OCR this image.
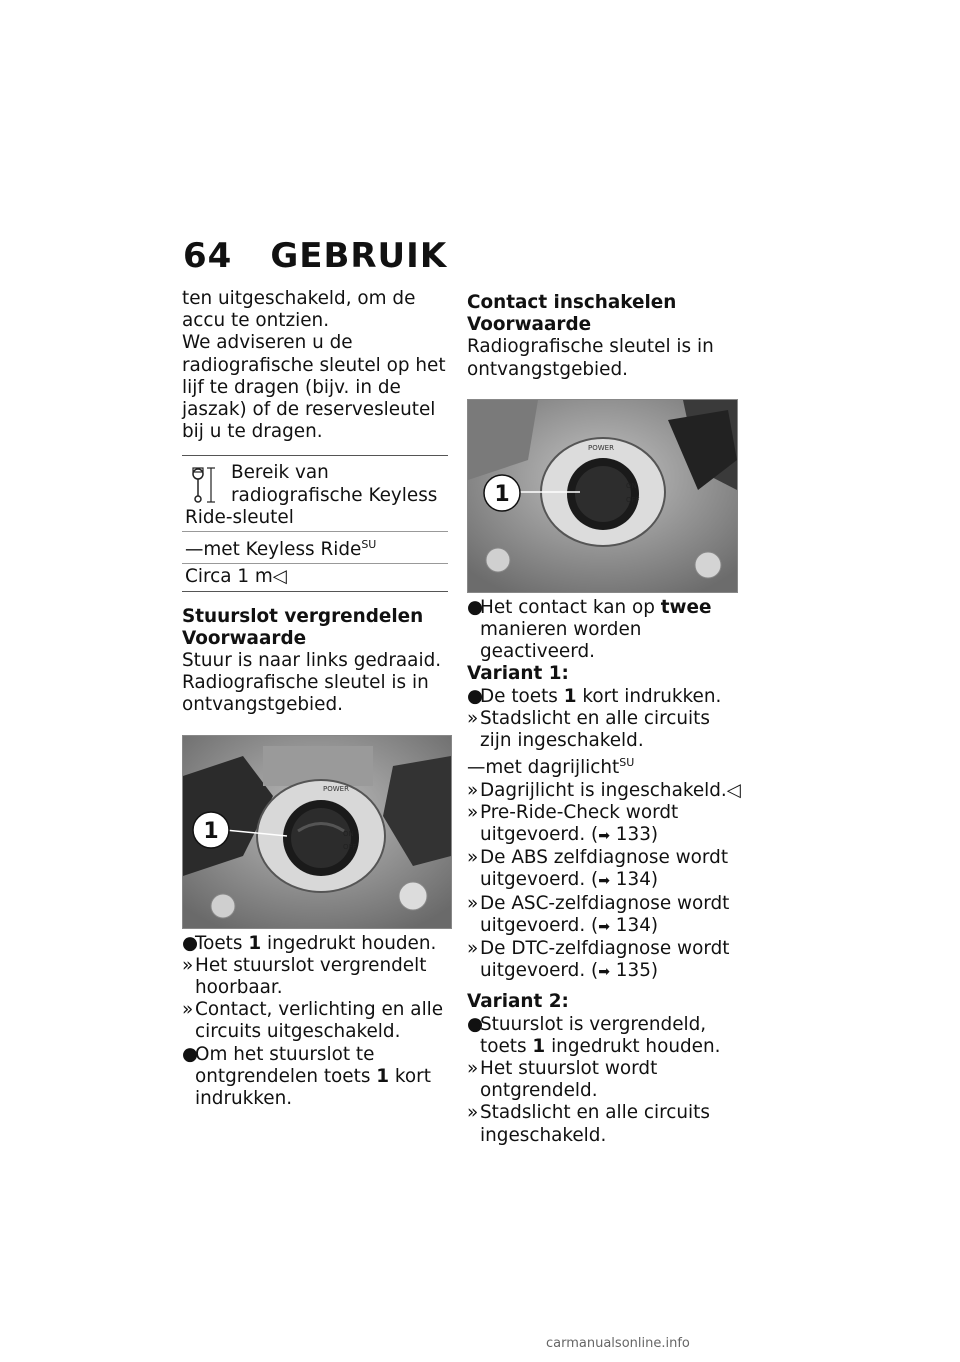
64 GEBRUIK

ten uitgeschakeld, om de accu te ontzien.

We adviseren u de radiografische sleutel op het lijf te dragen (bijv. in de jaszak) of de reservesleutel bij u te dragen.

Bereik van radiografische Keyless Ride-sleutel
—met Keyless Ride$^{SU}$
Circa 1 m◁

Stuurslot vergrendelen

Voorwaarde

Stuur is naar links gedraaid.

Radiografische sleutel is in ontvangstgebied.

POWER
ON
OFF
1

●
Toets 1 ingedrukt houden.

» Het stuurslot vergrendelt hoorbaar.

» Contact, verlichting en alle circuits uitgeschakeld.

●
Om het stuurslot te ontgrendelen toets 1 kort indrukken.

Contact inschakelen

Voorwaarde

Radiografische sleutel is in ontvangstgebied.

POWER
ON
OFF
1

●
Het contact kan op twee manieren worden geactiveerd.

Variant 1:

●
De toets 1 kort indrukken.

» Stadslicht en alle circuits zijn ingeschakeld.

—met dagrijlicht$^{SU}$

» Dagrijlicht is ingeschakeld.◁

» Pre-Ride-Check wordt uitgevoerd. (➡ 133)

» De ABS zelfdiagnose wordt uitgevoerd. (➡ 134)

» De ASC-zelfdiagnose wordt uitgevoerd. (➡ 134)

» De DTC-zelfdiagnose wordt uitgevoerd. (➡ 135)

Variant 2:

●
Stuurslot is vergrendeld, toets 1 ingedrukt houden.

» Het stuurslot wordt ontgrendeld.

» Stadslicht en alle circuits ingeschakeld.

carmanualsonline.info
